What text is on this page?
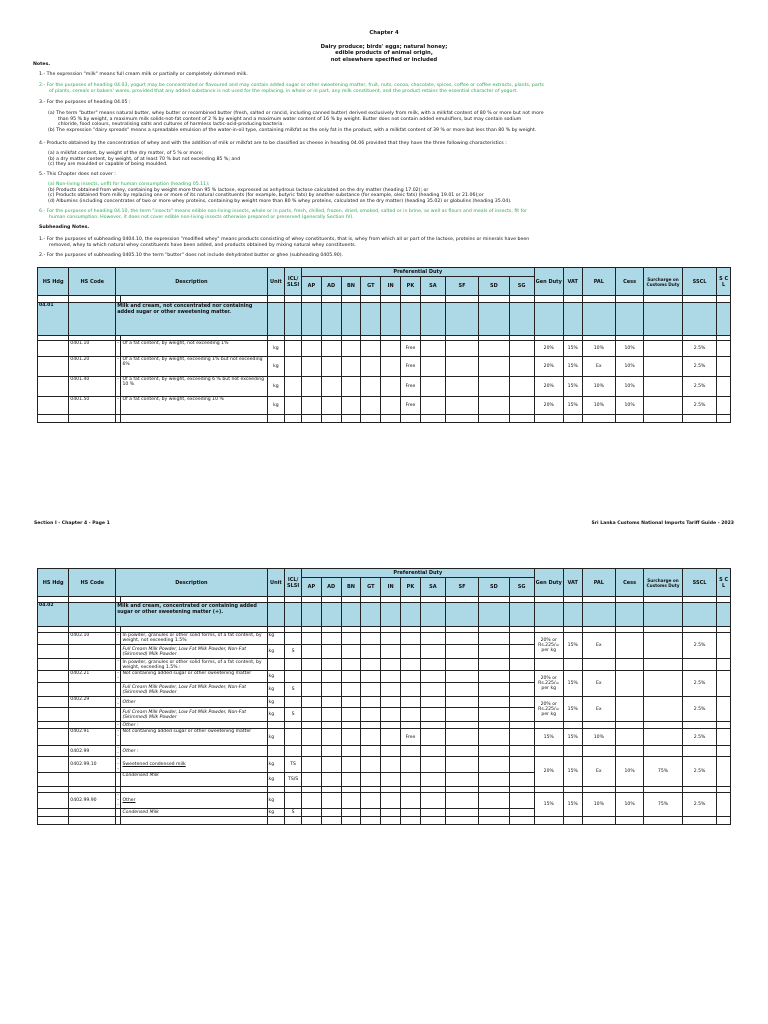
Chapter 4
Dairy produce; birds' eggs; natural honey;
edible products of animal origin,
not elsewhere specified or included
Notes.
1.- The expression "milk" means full cream milk or partially or completely skimmed milk.
2.- For the purposes of heading 04.03, yogurt may be concentrated or flavoured and may contain added sugar or other sweetening matter, fruit, nuts, cocoa, chocolate, spices, coffee or coffee extracts, plants, parts
of plants, cereals or bakers' wares, provided that any added substance is not used for the replacing, in whole or in part, any milk constituent, and the product retains the essential character of yogurt.
3.- For the purposes of heading 04.05 :
(a) The term "butter" means natural butter, whey butter or recombined butter (fresh, salted or rancid, including canned butter) derived exclusively from milk, with a milkfat content of 80 % or more but not more
than 95 % by weight, a maximum milk solids-not-fat content of 2 % by weight and a maximum water content of 16 % by weight. Butter does not contain added emulsifiers, but may contain sodium
chloride, food colours, neutralising salts and cultures of harmless lactic-acid-producing bacteria.
(b) The expression "dairy spreads" means a spreadable emulsion of the water-in-oil type, containing milkfat as the only fat in the product, with a milkfat content of 39 % or more but less than 80 % by weight.
4.- Products obtained by the concentration of whey and with the addition of milk or milkfat are to be classified as cheese in heading 04.06 provided that they have the three following characteristics :
(a) a milkfat content, by weight of the dry matter, of 5 % or more;
(b) a dry matter content, by weight, of at least 70 % but not exceeding 85 %; and
(c) they are moulded or capable of being moulded.
5.- This Chapter does not cover :
(a) Non-living insects, unfit for human consumption (heading 05.11);
(b) Products obtained from whey, containing by weight more than 95 % lactose, expressed as anhydrous lactose calculated on the dry matter (heading 17.02); or
(c) Products obtained from milk by replacing one or more of its natural constituents (for example, butyric fats) by another substance (for example, oleic fats) (heading 19.01 or 21.06);or
(d) Albumins (including concentrates of two or more whey proteins, containing by weight more than 80 % whey proteins, calculated on the dry matter) (heading 35.02) or globulins (heading 35.04).
6.- For the purposes of heading 04.10, the term "insects" means edible non-living insects, whole or in parts, fresh, chilled, frozen, dried, smoked, salted or in brine, as well as flours and meals of insects, fit for
human consumption. However, it does not cover edible non-living insects otherwise prepared or preserved (generally Section IV).
Subheading Notes.
1.- For the purposes of subheading 0404.10, the expression "modified whey" means products consisting of whey constituents, that is, whey from which all or part of the lactose, proteins or minerals have been
removed, whey to which natural whey constituents have been added, and products obtained by mixing natural whey constituents.
2.- For the purposes of subheading 0405.10 the term "butter" does not include dehydrated butter or ghee (subheading 0405.90).
HS Hdg	HS Code	Description		Unit	ICL/ SLSI	Preferential Duty										Gen Duty	VAT	PAL	Cess	Surcharge on Customs Duty	SSCL	S C L
						AP	AD	BN	GT	IN	PK	SA	SF	SD	SG							

04.01		Milk and cream, not concentrated nor containing added sugar or other sweetening matter.																				

	0401.10	-	Of a fat content, by weight, not exceeding 1%	kg							Free					20%	15%	10%	10%		2.5%	
	0401.20	-	Of a fat content, by weight, exceeding 1% but not exceeding 6%	kg							Free					20%	15%	Ex	10%		2.5%	
	0401.40	-	Of a fat content, by weight, exceeding 6 % but not exceeding 10 %	kg							Free					20%	15%	10%	10%		2.5%	
	0401.50	-	Of a fat content, by weight, exceeding 10 %	kg							Free					20%	15%	10%	10%		2.5%	

Section I - Chapter 4 - Page 1	Sri Lanka Customs National Imports Tariff Guide - 2023
HS Hdg	HS Code	Description		Unit	ICL/ SLSI	Preferential Duty										Gen Duty	VAT	PAL	Cess	Surcharge on Customs Duty	SSCL	S C L
						AP	AD	BN	GT	IN	PK	SA	SF	SD	SG							

04.02		Milk and cream, concentrated or containing added sugar or other sweetening matter (+).																				

	0402.10	-	In powder, granules or other solid forms, of a fat content, by weight, not exceeding 1.5%	kg												20% or Rs.225/= per kg	15%	Ex			2.5%	
			Full Cream Milk Powder, Low Fat Milk Powder, Non-Fat (Skimmed) Milk Powder	kg	S																	
		-	In powder, granules or other solid forms, of a fat content, by weight, exceeding 1.5% :																			
	0402.21	--	Not containing added sugar or other sweetening matter	kg												20% or Rs.225/= per kg	15%	Ex			2.5%	
			Full Cream Milk Powder, Low Fat Milk Powder, Non-Fat (Skimmed) Milk Powder	kg	S																	
	0402.29	--	Other	kg												20% or Rs.225/= per kg	15%	Ex			2.5%	
			Full Cream Milk Powder, Low Fat Milk Powder, Non-Fat (Skimmed) Milk Powder	kg	S																	
		-	Other :																			
	0402.91	--	Not containing added sugar or other sweetening matter	kg							Free					15%	15%	10%			2.5%	
	0402.99	--	Other :																			
	0402.99.10	---	Sweetened condensed milk	kg	TS											20%	15%	Ex	10%	75%	2.5%	
			Condensed Milk	kg	TS/S																	

	0402.99.90	---	Other	kg												15%	15%	10%	10%	75%	2.5%	
			Condensed Milk	kg	S																	
